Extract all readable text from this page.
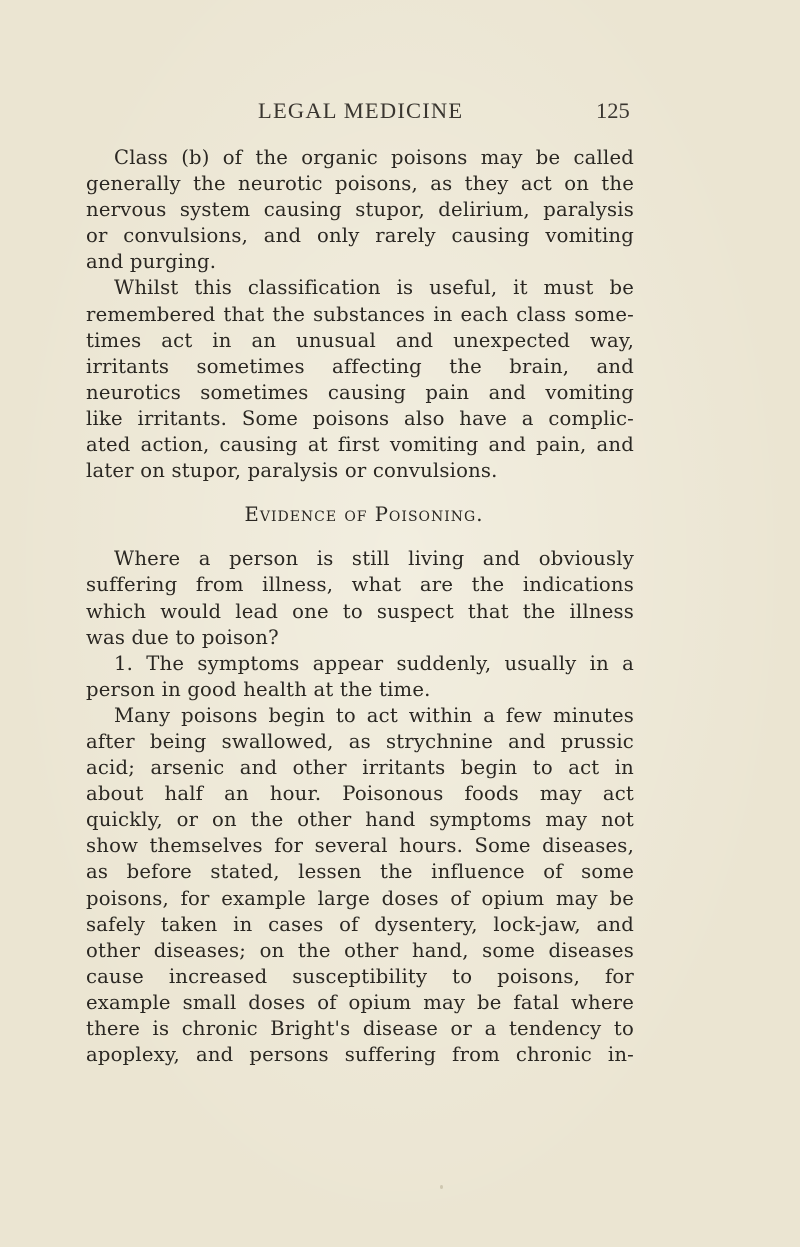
LEGAL MEDICINE	125
Class (b) of the organic poisons may be called
generally the neurotic poisons, as they act on the
nervous system causing stupor, delirium, paralysis
or convulsions, and only rarely causing vomiting
and purging.
Whilst this classification is useful, it must be
remembered that the substances in each class some-
times act in an unusual and unexpected way,
irritants sometimes affecting the brain, and
neurotics sometimes causing pain and vomiting
like irritants. Some poisons also have a complic-
ated action, causing at first vomiting and pain, and
later on stupor, paralysis or convulsions.
Evidence of Poisoning.
Where a person is still living and obviously
suffering from illness, what are the indications
which would lead one to suspect that the illness
was due to poison?
1. The symptoms appear suddenly, usually in a
person in good health at the time.
Many poisons begin to act within a few minutes
after being swallowed, as strychnine and prussic
acid; arsenic and other irritants begin to act in
about half an hour. Poisonous foods may act
quickly, or on the other hand symptoms may not
show themselves for several hours. Some diseases,
as before stated, lessen the influence of some
poisons, for example large doses of opium may be
safely taken in cases of dysentery, lock-jaw, and
other diseases; on the other hand, some diseases
cause increased susceptibility to poisons, for
example small doses of opium may be fatal where
there is chronic Bright's disease or a tendency to
apoplexy, and persons suffering from chronic in-
